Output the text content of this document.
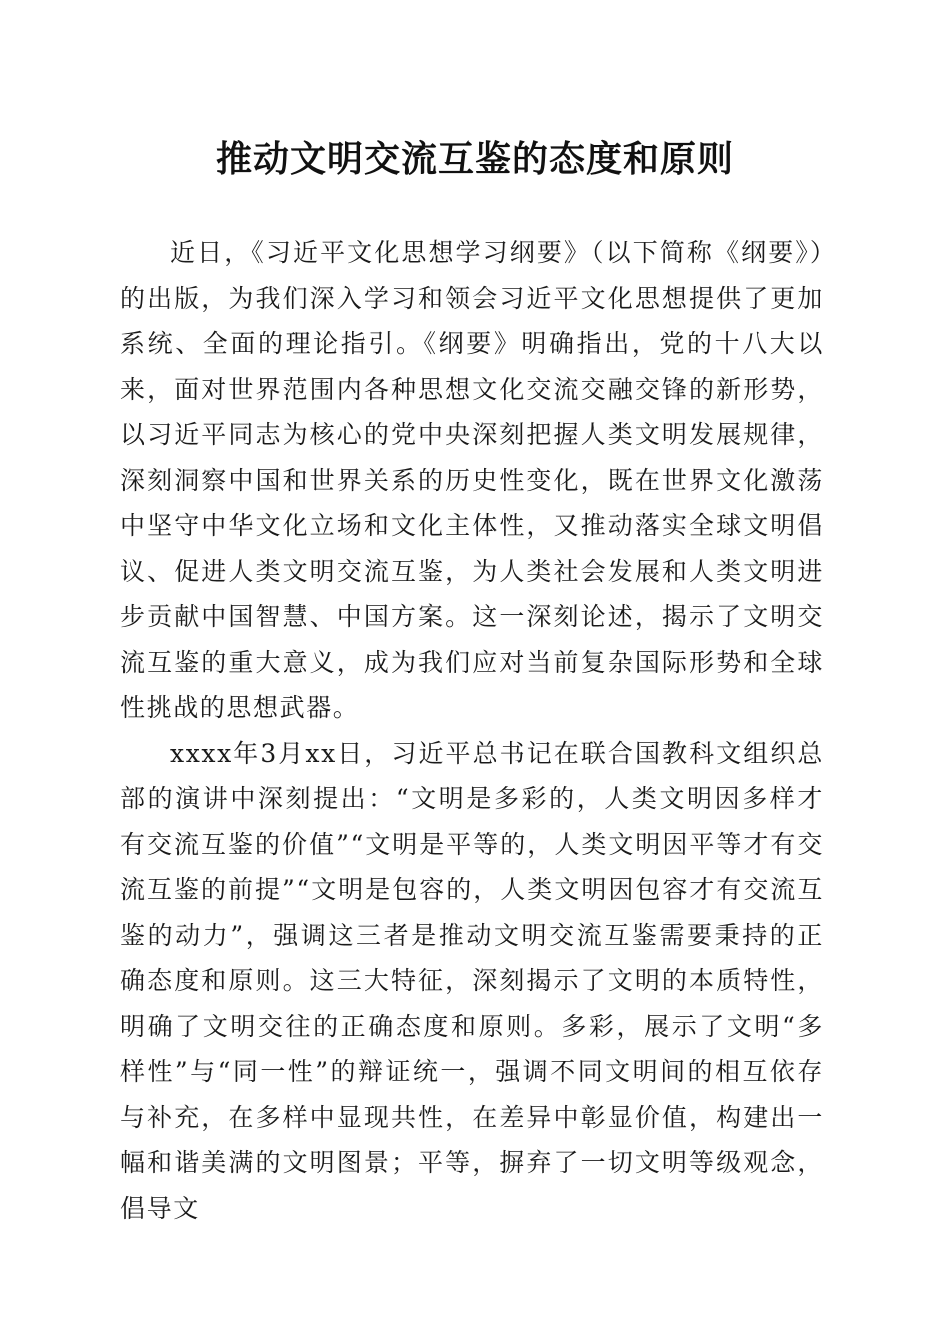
推动文明交流互鉴的态度和原则

近日，《习近平文化思想学习纲要》（以下简称《纲要》）的出版，为我们深入学习和领会习近平文化思想提供了更加系统、全面的理论指引。《纲要》明确指出，党的十八大以来，面对世界范围内各种思想文化交流交融交锋的新形势，以习近平同志为核心的党中央深刻把握人类文明发展规律，深刻洞察中国和世界关系的历史性变化，既在世界文化激荡中坚守中华文化立场和文化主体性，又推动落实全球文明倡议、促进人类文明交流互鉴，为人类社会发展和人类文明进步贡献中国智慧、中国方案。这一深刻论述，揭示了文明交流互鉴的重大意义，成为我们应对当前复杂国际形势和全球性挑战的思想武器。

xxxx年3月xx日，习近平总书记在联合国教科文组织总部的演讲中深刻提出：“文明是多彩的，人类文明因多样才有交流互鉴的价值”“文明是平等的，人类文明因平等才有交流互鉴的前提”“文明是包容的，人类文明因包容才有交流互鉴的动力”，强调这三者是推动文明交流互鉴需要秉持的正确态度和原则。这三大特征，深刻揭示了文明的本质特性，明确了文明交往的正确态度和原则。多彩，展示了文明“多样性”与“同一性”的辩证统一，强调不同文明间的相互依存与补充，在多样中显现共性，在差异中彰显价值，构建出一幅和谐美满的文明图景；平等，摒弃了一切文明等级观念，倡导文
